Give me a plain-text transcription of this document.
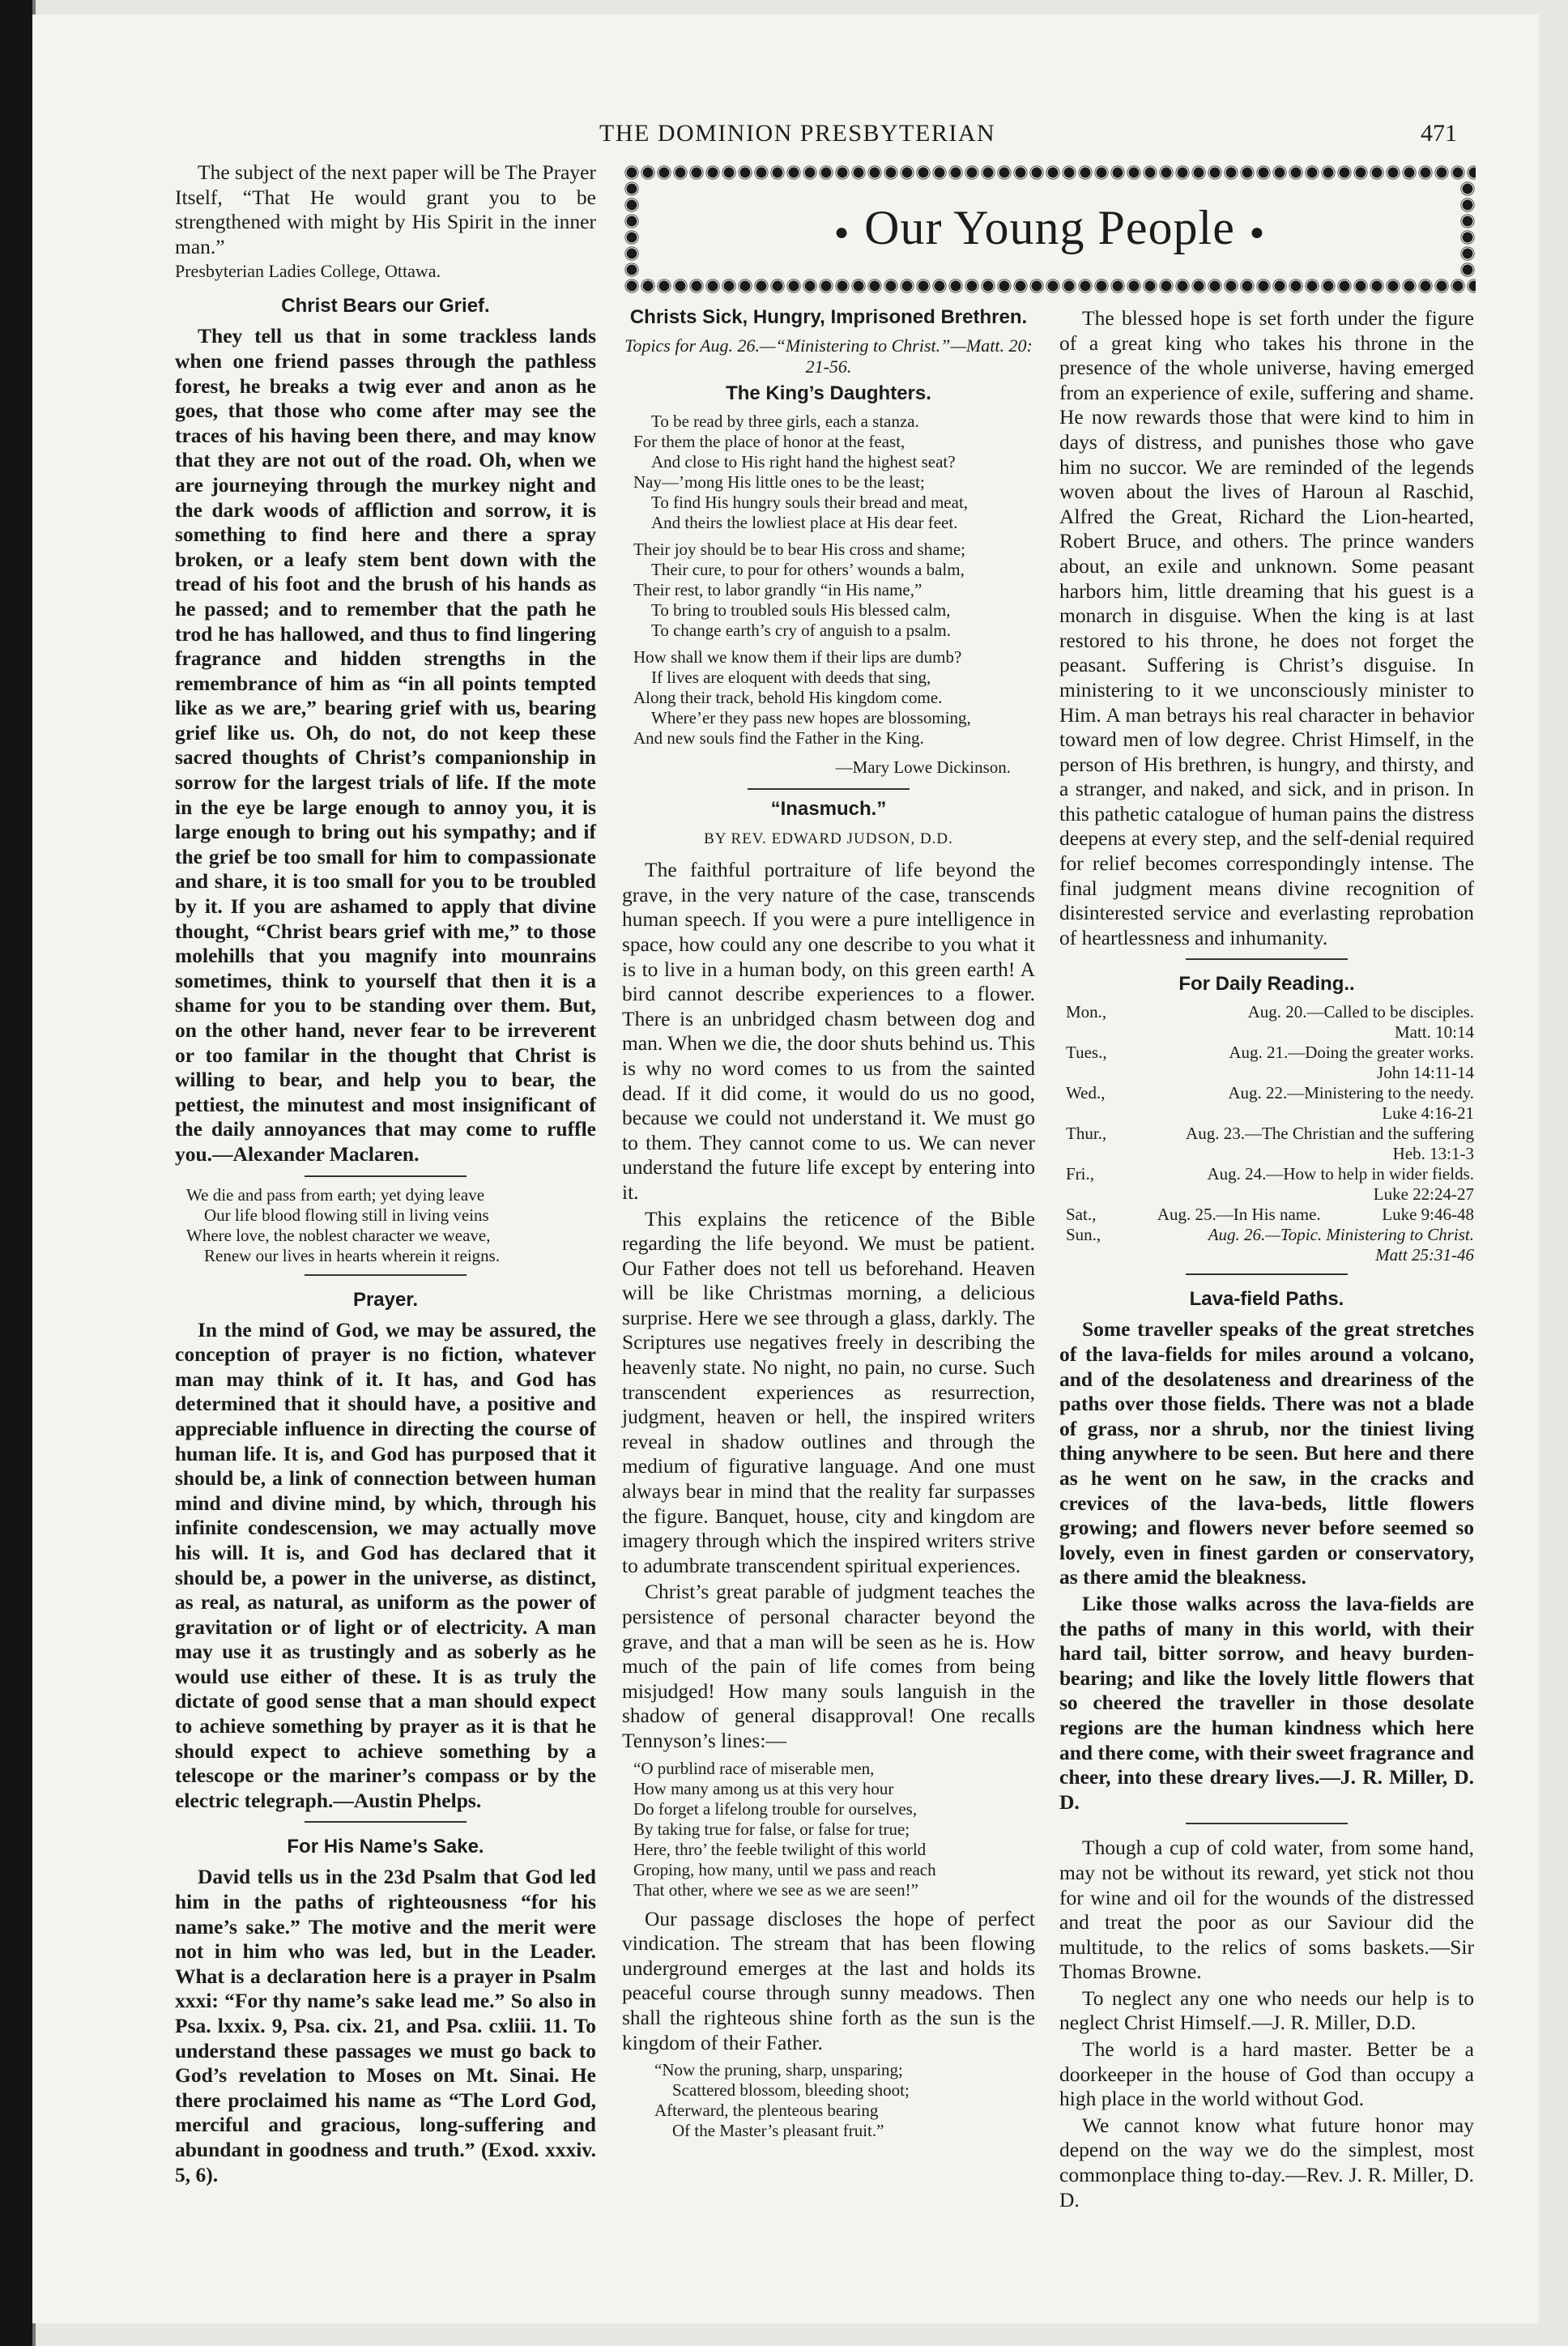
THE DOMINION PRESBYTERIAN	471

The subject of the next paper will be The Prayer Itself, “That He would grant you to be strengthened with might by His Spirit in the inner man.”

Presbyterian Ladies College, Ottawa.

Christ Bears our Grief.

They tell us that in some trackless lands when one friend passes through the pathless forest, he breaks a twig ever and anon as he goes, that those who come after may see the traces of his having been there, and may know that they are not out of the road. Oh, when we are journeying through the murkey night and the dark woods of affliction and sorrow, it is something to find here and there a spray broken, or a leafy stem bent down with the tread of his foot and the brush of his hands as he passed; and to remember that the path he trod he has hallowed, and thus to find lingering fragrance and hidden strengths in the remembrance of him as “in all points tempted like as we are,” bearing grief with us, bearing grief like us. Oh, do not, do not keep these sacred thoughts of Christ’s companionship in sorrow for the largest trials of life. If the mote in the eye be large enough to annoy you, it is large enough to bring out his sympathy; and if the grief be too small for him to compassionate and share, it is too small for you to be troubled by it. If you are ashamed to apply that divine thought, “Christ bears grief with me,” to those molehills that you magnify into mounrains sometimes, think to yourself that then it is a shame for you to be standing over them. But, on the other hand, never fear to be irreverent or too familar in the thought that Christ is willing to bear, and help you to bear, the pettiest, the minutest and most insignificant of the daily annoyances that may come to ruffle you.—Alexander Maclaren.

We die and pass from earth; yet dying leave
Our life blood flowing still in living veins
Where love, the noblest character we weave,
Renew our lives in hearts wherein it reigns.
Prayer.

In the mind of God, we may be assured, the conception of prayer is no fiction, whatever man may think of it. It has, and God has determined that it should have, a positive and appreciable influence in directing the course of human life. It is, and God has purposed that it should be, a link of connection between human mind and divine mind, by which, through his infinite condescension, we may actually move his will. It is, and God has declared that it should be, a power in the universe, as distinct, as real, as natural, as uniform as the power of gravitation or of light or of electricity. A man may use it as trustingly and as soberly as he would use either of these. It is as truly the dictate of good sense that a man should expect to achieve something by prayer as it is that he should expect to achieve something by a telescope or the mariner’s compass or by the electric telegraph.—Austin Phelps.

For His Name’s Sake.

David tells us in the 23d Psalm that God led him in the paths of righteousness “for his name’s sake.” The motive and the merit were not in him who was led, but in the Leader. What is a declaration here is a prayer in Psalm xxxi: “For thy name’s sake lead me.” So also in Psa. lxxix. 9, Psa. cix. 21, and Psa. cxliii. 11. To understand these passages we must go back to God’s revelation to Moses on Mt. Sinai. He there proclaimed his name as “The Lord God, merciful and gracious, long-suffering and abundant in goodness and truth.” (Exod. xxxiv. 5, 6).

● Our Young People ●
Christs Sick, Hungry, Imprisoned Brethren.
Topics for Aug. 26.—“Ministering to Christ.”—Matt. 20: 21-56.
The King’s Daughters.
To be read by three girls, each a stanza.
For them the place of honor at the feast,
And close to His right hand the highest seat?
Nay—’mong His little ones to be the least;
To find His hungry souls their bread and meat,
And theirs the lowliest place at His dear feet.
Their joy should be to bear His cross and shame;
Their cure, to pour for others’ wounds a balm,
Their rest, to labor grandly “in His name,”
To bring to troubled souls His blessed calm,
To change earth’s cry of anguish to a psalm.
How shall we know them if their lips are dumb?
If lives are eloquent with deeds that sing,
Along their track, behold His kingdom come.
Where’er they pass new hopes are blossoming,
And new souls find the Father in the King.
—Mary Lowe Dickinson.
“Inasmuch.”
BY REV. EDWARD JUDSON, D.D.

The faithful portraiture of life beyond the grave, in the very nature of the case, transcends human speech. If you were a pure intelligence in space, how could any one describe to you what it is to live in a human body, on this green earth! A bird cannot describe experiences to a flower. There is an unbridged chasm between dog and man. When we die, the door shuts behind us. This is why no word comes to us from the sainted dead. If it did come, it would do us no good, because we could not understand it. We must go to them. They cannot come to us. We can never understand the future life except by entering into it.

This explains the reticence of the Bible regarding the life beyond. We must be patient. Our Father does not tell us beforehand. Heaven will be like Christmas morning, a delicious surprise. Here we see through a glass, darkly. The Scriptures use negatives freely in describing the heavenly state. No night, no pain, no curse. Such transcendent experiences as resurrection, judgment, heaven or hell, the inspired writers reveal in shadow outlines and through the medium of figurative language. And one must always bear in mind that the reality far surpasses the figure. Banquet, house, city and kingdom are imagery through which the inspired writers strive to adumbrate transcendent spiritual experiences.

Christ’s great parable of judgment teaches the persistence of personal character beyond the grave, and that a man will be seen as he is. How much of the pain of life comes from being misjudged! How many souls languish in the shadow of general disapproval! One recalls Tennyson’s lines:—

“O purblind race of miserable men,
How many among us at this very hour
Do forget a lifelong trouble for ourselves,
By taking true for false, or false for true;
Here, thro’ the feeble twilight of this world
Groping, how many, until we pass and reach
That other, where we see as we are seen!”

Our passage discloses the hope of perfect vindication. The stream that has been flowing underground emerges at the last and holds its peaceful course through sunny meadows. Then shall the righteous shine forth as the sun is the kingdom of their Father.

“Now the pruning, sharp, unsparing;
Scattered blossom, bleeding shoot;
Afterward, the plenteous bearing
Of the Master’s pleasant fruit.”

The blessed hope is set forth under the figure of a great king who takes his throne in the presence of the whole universe, having emerged from an experience of exile, suffering and shame. He now rewards those that were kind to him in days of distress, and punishes those who gave him no succor. We are reminded of the legends woven about the lives of Haroun al Raschid, Alfred the Great, Richard the Lion-hearted, Robert Bruce, and others. The prince wanders about, an exile and unknown. Some peasant harbors him, little dreaming that his guest is a monarch in disguise. When the king is at last restored to his throne, he does not forget the peasant. Suffering is Christ’s disguise. In ministering to it we unconsciously minister to Him. A man betrays his real character in behavior toward men of low degree. Christ Himself, in the person of His brethren, is hungry, and thirsty, and a stranger, and naked, and sick, and in prison. In this pathetic catalogue of human pains the distress deepens at every step, and the self-denial required for relief becomes correspondingly intense. The final judgment means divine recognition of disinterested service and everlasting reprobation of heartlessness and inhumanity.

For Daily Reading..
Mon.,	Aug. 20.—Called to be disciples.
Matt. 10:14
Tues.,	Aug. 21.—Doing the greater works.
John 14:11-14
Wed.,	Aug. 22.—Ministering to the needy.
Luke 4:16-21
Thur.,	Aug. 23.—The Christian and the suffering
Heb. 13:1-3
Fri.,	Aug. 24.—How to help in wider fields.
Luke 22:24-27
Sat.,	Aug. 25.—In His name.	Luke 9:46-48
Sun.,	Aug. 26.—Topic. Ministering to Christ.
Matt 25:31-46
Lava-field Paths.

Some traveller speaks of the great stretches of the lava-fields for miles around a volcano, and of the desolateness and dreariness of the paths over those fields. There was not a blade of grass, nor a shrub, nor the tiniest living thing anywhere to be seen. But here and there as he went on he saw, in the cracks and crevices of the lava-beds, little flowers growing; and flowers never before seemed so lovely, even in finest garden or conservatory, as there amid the bleakness.

Like those walks across the lava-fields are the paths of many in this world, with their hard tail, bitter sorrow, and heavy burden-bearing; and like the lovely little flowers that so cheered the traveller in those desolate regions are the human kindness which here and there come, with their sweet fragrance and cheer, into these dreary lives.—J. R. Miller, D. D.

Though a cup of cold water, from some hand, may not be without its reward, yet stick not thou for wine and oil for the wounds of the distressed and treat the poor as our Saviour did the multitude, to the relics of soms baskets.—Sir Thomas Browne.

To neglect any one who needs our help is to neglect Christ Himself.—J. R. Miller, D.D.

The world is a hard master. Better be a doorkeeper in the house of God than occupy a high place in the world without God.

We cannot know what future honor may depend on the way we do the simplest, most commonplace thing to-day.—Rev. J. R. Miller, D. D.
